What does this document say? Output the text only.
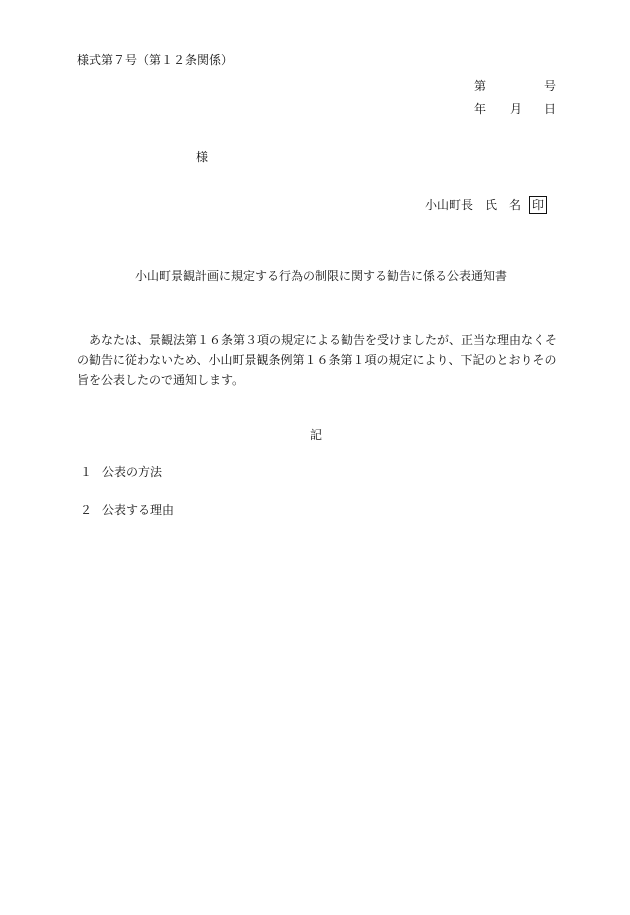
様式第７号（第１２条関係）
第	号
年 月 日
様
小山町長 氏 名 印
小山町景観計画に規定する行為の制限に関する勧告に係る公表通知書
　あなたは、景観法第１６条第３項の規定による勧告を受けましたが、正当な理由なくそ
の勧告に従わないため、小山町景観条例第１６条第１項の規定により、下記のとおりその
旨を公表したので通知します。
記
１ 公表の方法
２ 公表する理由
